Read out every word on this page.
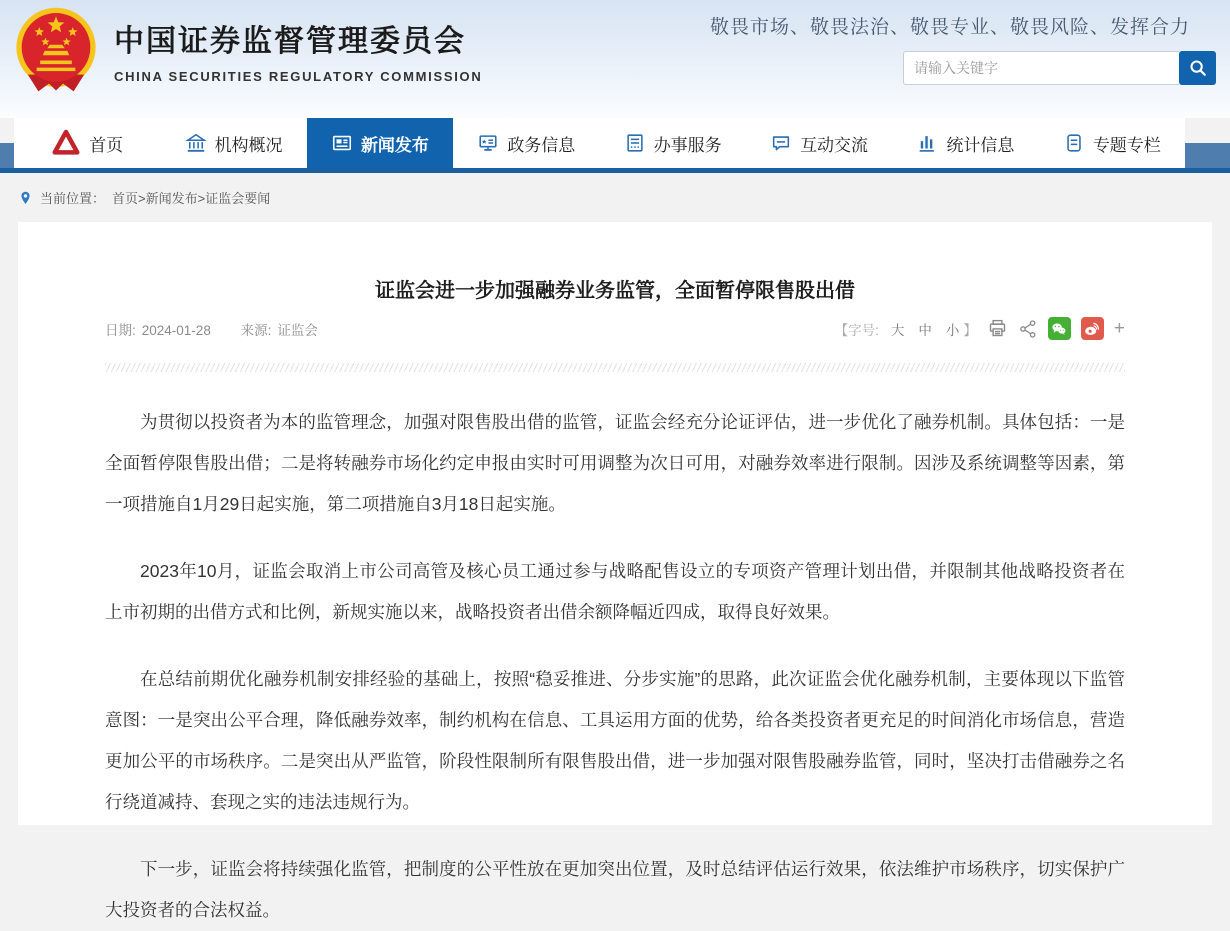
中国证券监督管理委员会
CHINA SECURITIES REGULATORY COMMISSION
敬畏市场、敬畏法治、敬畏专业、敬畏风险、发挥合力
请输入关键字
首页	机构概况	新闻发布	政务信息	办事服务	互动交流	统计信息	专题专栏
当前位置： 首页>新闻发布>证监会要闻
证监会进一步加强融券业务监管，全面暂停限售股出借
日期: 2024-01-28 来源: 证监会	【字号: 大 中 小 】	+

为贯彻以投资者为本的监管理念，加强对限售股出借的监管，证监会经充分论证评估，进一步优化了融券机制。具体包括：一是全面暂停限售股出借；二是将转融券市场化约定申报由实时可用调整为次日可用，对融券效率进行限制。因涉及系统调整等因素，第一项措施自1月29日起实施，第二项措施自3月18日起实施。

2023年10月，证监会取消上市公司高管及核心员工通过参与战略配售设立的专项资产管理计划出借，并限制其他战略投资者在上市初期的出借方式和比例，新规实施以来，战略投资者出借余额降幅近四成，取得良好效果。

在总结前期优化融券机制安排经验的基础上，按照“稳妥推进、分步实施”的思路，此次证监会优化融券机制，主要体现以下监管意图：一是突出公平合理，降低融券效率，制约机构在信息、工具运用方面的优势，给各类投资者更充足的时间消化市场信息，营造更加公平的市场秩序。二是突出从严监管，阶段性限制所有限售股出借，进一步加强对限售股融券监管，同时，坚决打击借融券之名行绕道减持、套现之实的违法违规行为。

下一步，证监会将持续强化监管，把制度的公平性放在更加突出位置，及时总结评估运行效果，依法维护市场秩序，切实保护广大投资者的合法权益。
